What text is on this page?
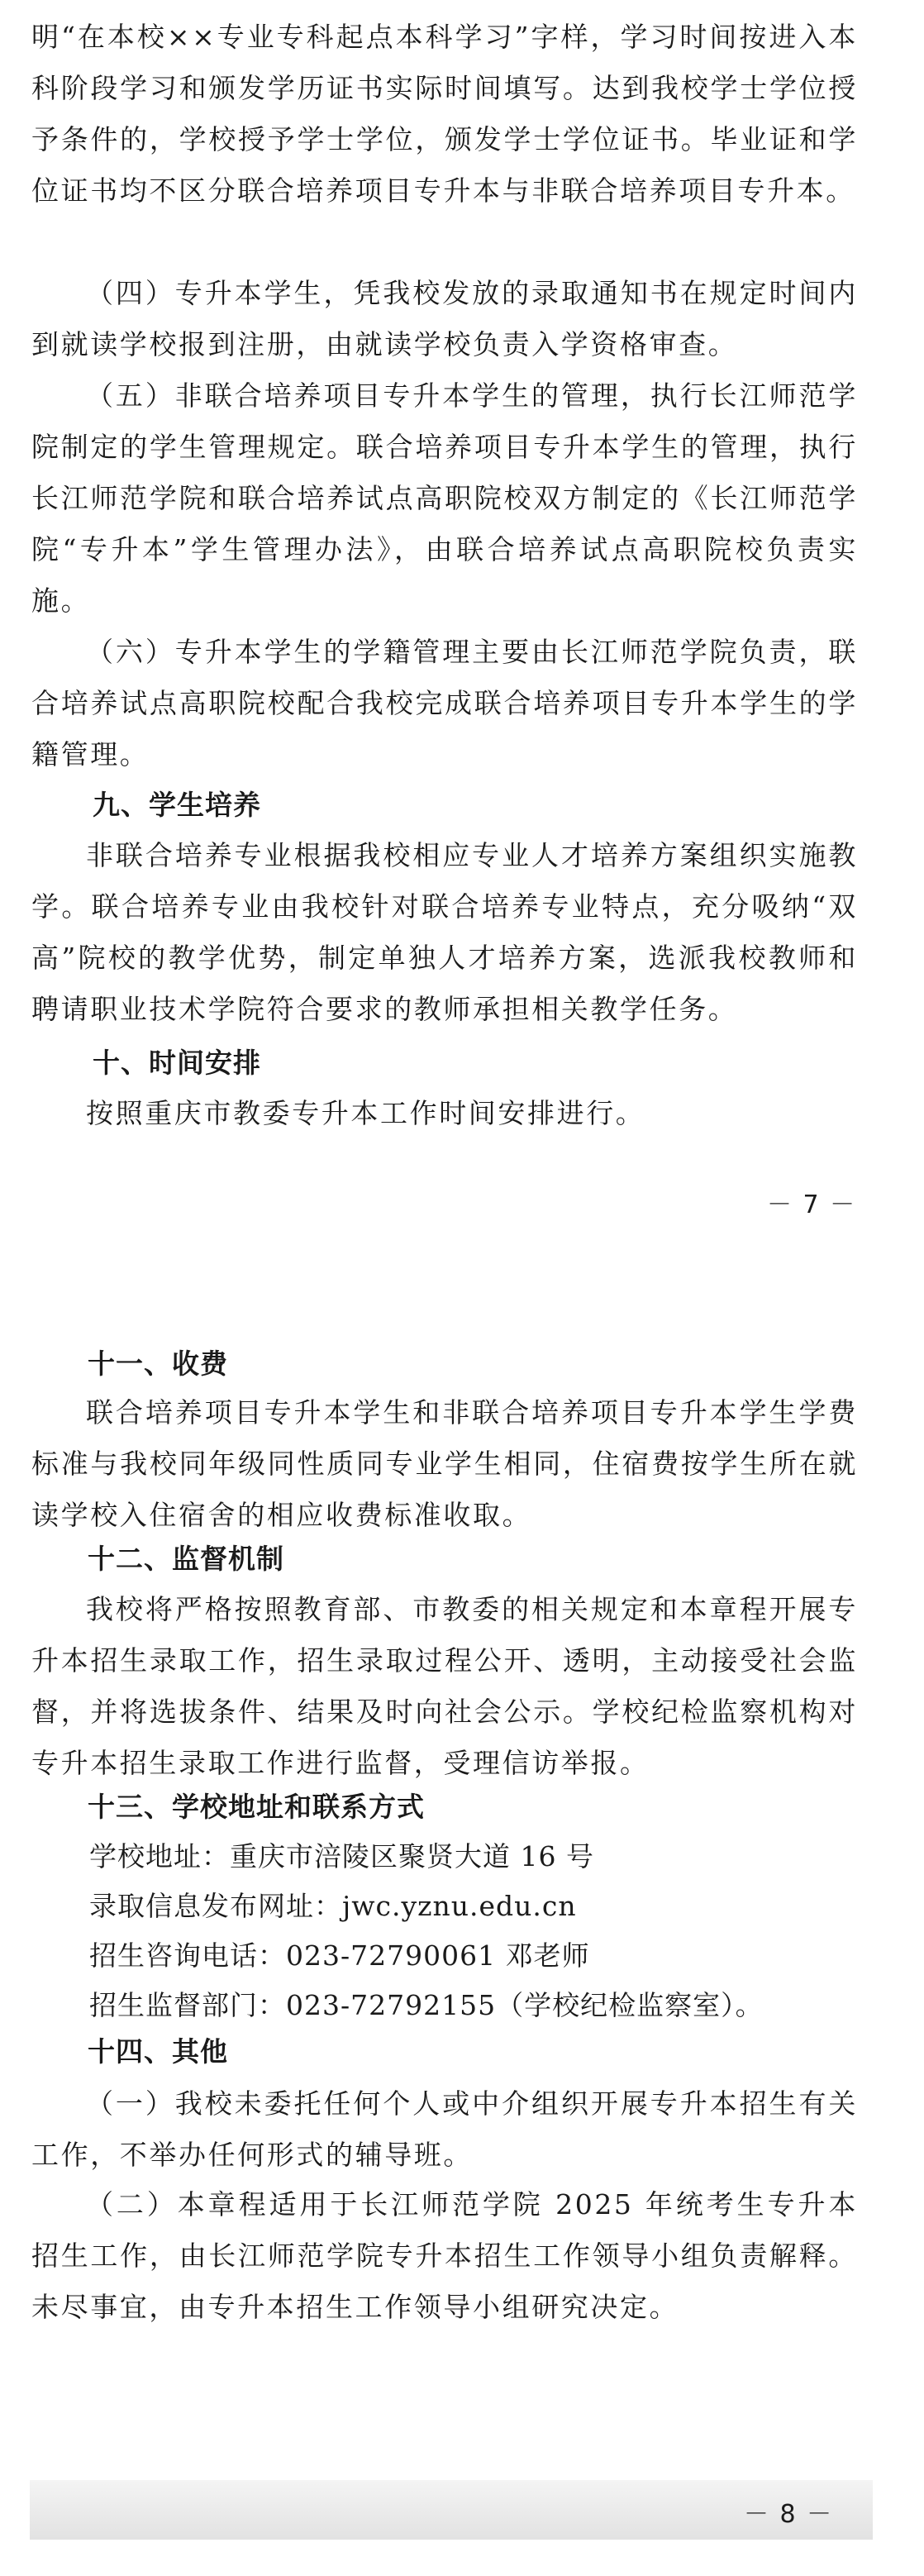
明“在本校××专业专科起点本科学习”字样，学习时间按进入本科阶段学习和颁发学历证书实际时间填写。达到我校学士学位授予条件的，学校授予学士学位，颁发学士学位证书。毕业证和学位证书均不区分联合培养项目专升本与非联合培养项目专升本。

（四）专升本学生，凭我校发放的录取通知书在规定时间内到就读学校报到注册，由就读学校负责入学资格审查。

（五）非联合培养项目专升本学生的管理，执行长江师范学院制定的学生管理规定。联合培养项目专升本学生的管理，执行长江师范学院和联合培养试点高职院校双方制定的《长江师范学院“专升本”学生管理办法》，由联合培养试点高职院校负责实施。

（六）专升本学生的学籍管理主要由长江师范学院负责，联合培养试点高职院校配合我校完成联合培养项目专升本学生的学籍管理。

九、学生培养

非联合培养专业根据我校相应专业人才培养方案组织实施教学。联合培养专业由我校针对联合培养专业特点，充分吸纳“双高”院校的教学优势，制定单独人才培养方案，选派我校教师和聘请职业技术学院符合要求的教师承担相关教学任务。

十、时间安排

按照重庆市教委专升本工作时间安排进行。

－ 7 －

十一、收费

联合培养项目专升本学生和非联合培养项目专升本学生学费标准与我校同年级同性质同专业学生相同，住宿费按学生所在就读学校入住宿舍的相应收费标准收取。

十二、监督机制

我校将严格按照教育部、市教委的相关规定和本章程开展专升本招生录取工作，招生录取过程公开、透明，主动接受社会监督，并将选拔条件、结果及时向社会公示。学校纪检监察机构对专升本招生录取工作进行监督，受理信访举报。

十三、学校地址和联系方式

学校地址：重庆市涪陵区聚贤大道 16 号

录取信息发布网址：jwc.yznu.edu.cn

招生咨询电话：023-72790061 邓老师

招生监督部门：023-72792155（学校纪检监察室）。

十四、其他

（一）我校未委托任何个人或中介组织开展专升本招生有关工作，不举办任何形式的辅导班。

（二）本章程适用于长江师范学院 2025 年统考生专升本招生工作，由长江师范学院专升本招生工作领导小组负责解释。未尽事宜，由专升本招生工作领导小组研究决定。

－ 8 －
